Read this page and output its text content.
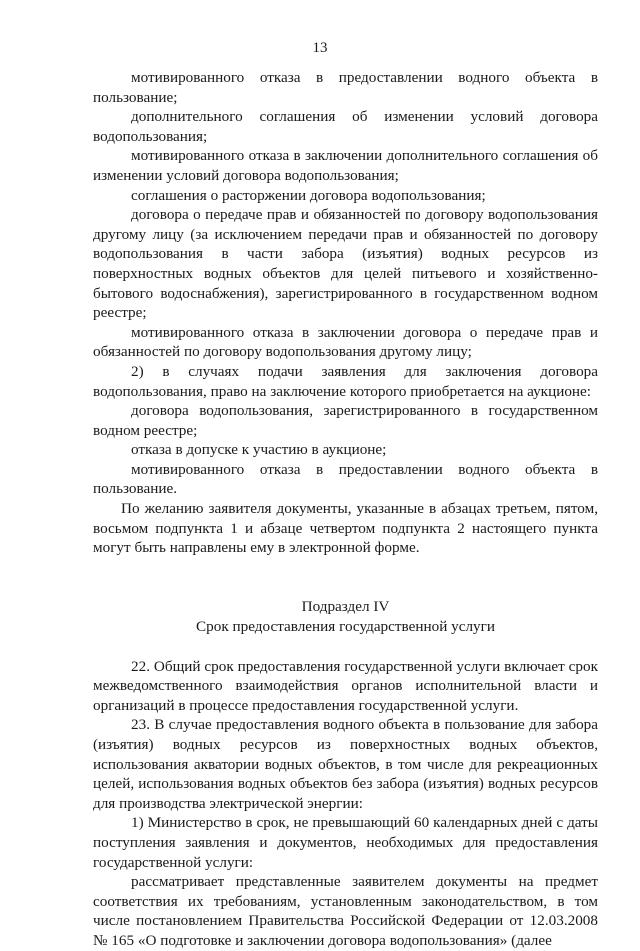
13

мотивированного отказа в предоставлении водного объекта в пользование;

дополнительного соглашения об изменении условий договора водопользования;

мотивированного отказа в заключении дополнительного соглашения об изменении условий договора водопользования;

соглашения о расторжении договора водопользования;

договора о передаче прав и обязанностей по договору водопользования другому лицу (за исключением передачи прав и обязанностей по договору водопользования в части забора (изъятия) водных ресурсов из поверхностных водных объектов для целей питьевого и хозяйственно-бытового водоснабжения), зарегистрированного в государственном водном реестре;

мотивированного отказа в заключении договора о передаче прав и обязанностей по договору водопользования другому лицу;

2) в случаях подачи заявления для заключения договора водопользования, право на заключение которого приобретается на аукционе:

договора водопользования, зарегистрированного в государственном водном реестре;

отказа в допуске к участию в аукционе;

мотивированного отказа в предоставлении водного объекта в пользование.

По желанию заявителя документы, указанные в абзацах третьем, пятом, восьмом подпункта 1 и абзаце четвертом подпункта 2 настоящего пункта могут быть направлены ему в электронной форме.

Подраздел IV

Срок предоставления государственной услуги

22. Общий срок предоставления государственной услуги включает срок межведомственного взаимодействия органов исполнительной власти и организаций в процессе предоставления государственной услуги.

23. В случае предоставления водного объекта в пользование для забора (изъятия) водных ресурсов из поверхностных водных объектов, использования акватории водных объектов, в том числе для рекреационных целей, использования водных объектов без забора (изъятия) водных ресурсов для производства электрической энергии:

1) Министерство в срок, не превышающий 60 календарных дней с даты поступления заявления и документов, необходимых для предоставления государственной услуги:

рассматривает представленные заявителем документы на предмет соответствия их требованиям, установленным законодательством, в том числе постановлением Правительства Российской Федерации от 12.03.2008 № 165 «О подготовке и заключении договора водопользования» (далее
